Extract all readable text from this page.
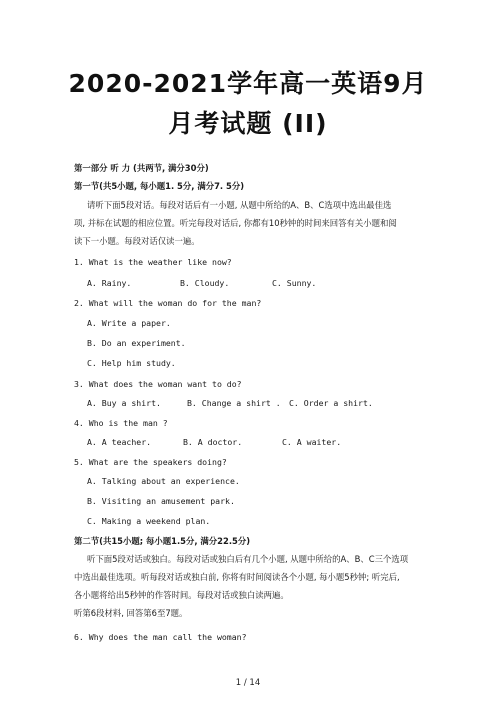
2020-2021学年高一英语9月
月考试题 (II)
第一部分 听 力 (共两节, 满分30分)
第一节(共5小题, 每小题1. 5分, 满分7. 5分)
请听下面5段对话。每段对话后有一小题, 从题中所给的A、B、C选项中选出最佳选
项, 并标在试题的相应位置。听完每段对话后, 你都有10秒钟的时间来回答有关小题和阅
读下一小题。每段对话仅读一遍。
1. What is the weather like now?
A. Rainy.	B. Cloudy.	C. Sunny.
2. What will the woman do for the man?
A. Write a paper.
B. Do an experiment.
C. Help him study.
3. What does the woman want to do?
A. Buy a shirt.	B. Change a shirt . C. Order a shirt.
4. Who is the man ?
A. A teacher.	B. A doctor.	C. A waiter.
5. What are the speakers doing?
A. Talking about an experience.
B. Visiting an amusement park.
C. Making a weekend plan.
第二节(共15小题; 每小题1.5分, 满分22.5分)
听下面5段对话或独白。每段对话或独白后有几个小题, 从题中所给的A、B、C三个选项
中选出最佳选项。听每段对话或独白前, 你将有时间阅读各个小题, 每小题5秒钟; 听完后,
各小题将给出5秒钟的作答时间。每段对话或独白读两遍。
听第6段材料, 回答第6至7题。
6. Why does the man call the woman?
1 / 14
